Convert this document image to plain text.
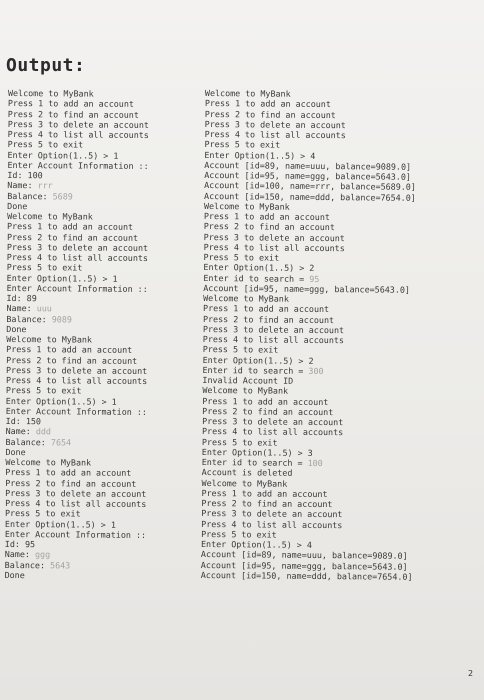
Output:
Welcome to MyBank
Press 1 to add an account
Press 2 to find an account
Press 3 to delete an account
Press 4 to list all accounts
Press 5 to exit
Enter Option(1..5) > 1
Enter Account Information ::
Id: 100
Name: rrr
Balance: 5689
Done
Welcome to MyBank
Press 1 to add an account
Press 2 to find an account
Press 3 to delete an account
Press 4 to list all accounts
Press 5 to exit
Enter Option(1..5) > 1
Enter Account Information ::
Id: 89
Name: uuu
Balance: 9089
Done
Welcome to MyBank
Press 1 to add an account
Press 2 to find an account
Press 3 to delete an account
Press 4 to list all accounts
Press 5 to exit
Enter Option(1..5) > 1
Enter Account Information ::
Id: 150
Name: ddd
Balance: 7654
Done
Welcome to MyBank
Press 1 to add an account
Press 2 to find an account
Press 3 to delete an account
Press 4 to list all accounts
Press 5 to exit
Enter Option(1..5) > 1
Enter Account Information ::
Id: 95
Name: ggg
Balance: 5643
Done
Welcome to MyBank
Press 1 to add an account
Press 2 to find an account
Press 3 to delete an account
Press 4 to list all accounts
Press 5 to exit
Enter Option(1..5) > 4
Account [id=89, name=uuu, balance=9089.0]
Account [id=95, name=ggg, balance=5643.0]
Account [id=100, name=rrr, balance=5689.0]
Account [id=150, name=ddd, balance=7654.0]
Welcome to MyBank
Press 1 to add an account
Press 2 to find an account
Press 3 to delete an account
Press 4 to list all accounts
Press 5 to exit
Enter Option(1..5) > 2
Enter id to search = 95
Account [id=95, name=ggg, balance=5643.0]
Welcome to MyBank
Press 1 to add an account
Press 2 to find an account
Press 3 to delete an account
Press 4 to list all accounts
Press 5 to exit
Enter Option(1..5) > 2
Enter id to search = 300
Invalid Account ID
Welcome to MyBank
Press 1 to add an account
Press 2 to find an account
Press 3 to delete an account
Press 4 to list all accounts
Press 5 to exit
Enter Option(1..5) > 3
Enter id to search = 100
Account is deleted
Welcome to MyBank
Press 1 to add an account
Press 2 to find an account
Press 3 to delete an account
Press 4 to list all accounts
Press 5 to exit
Enter Option(1..5) > 4
Account [id=89, name=uuu, balance=9089.0]
Account [id=95, name=ggg, balance=5643.0]
Account [id=150, name=ddd, balance=7654.0]
2
